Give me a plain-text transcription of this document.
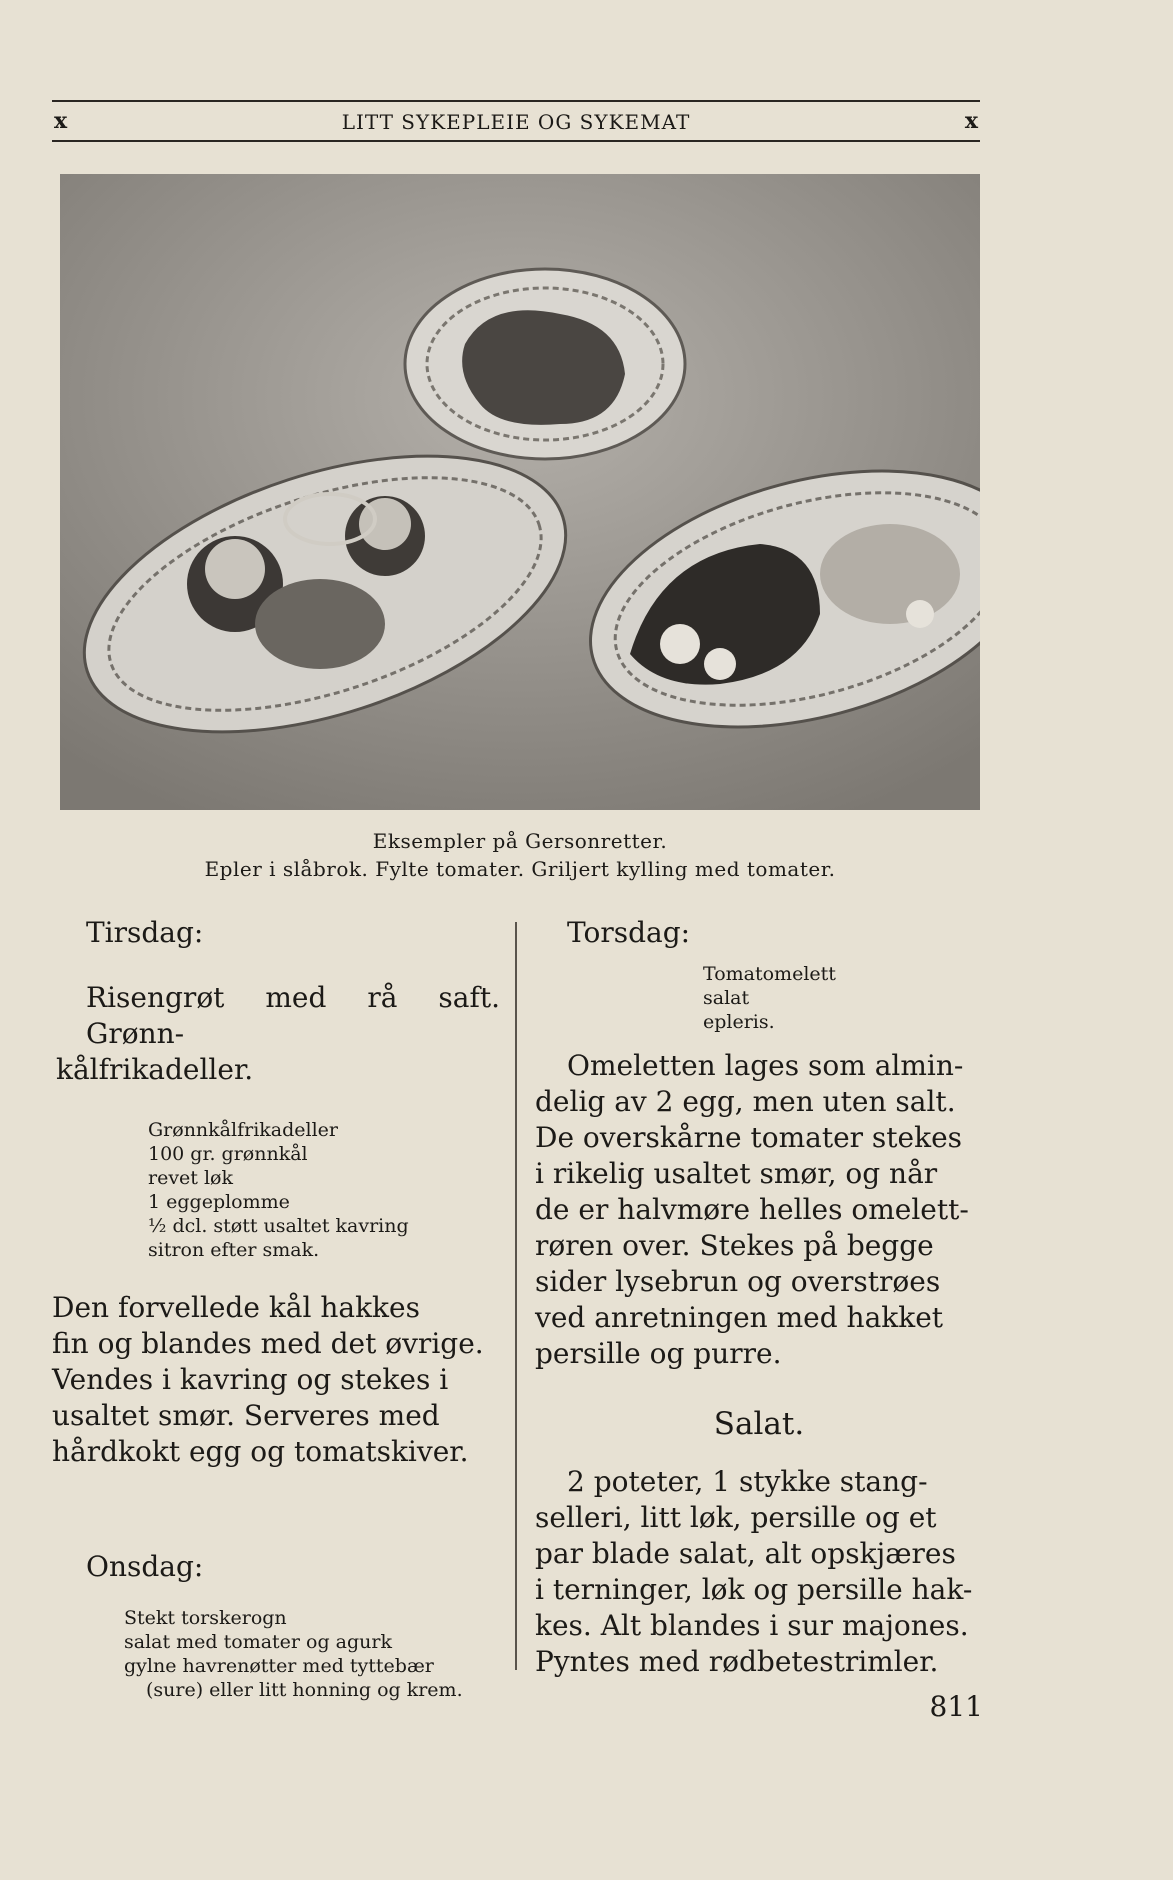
x	LITT SYKEPLEIE OG SYKEMAT	x
Eksempler på Gersonretter.
Epler i slåbrok. Fylte tomater. Griljert kylling med tomater.

Tirsdag:

Risengrøt med rå saft. Grønn-

kålfrikadeller.

Grønnkålfrikadeller

100 gr. grønnkål

revet løk

1 eggeplomme

½ dcl. støtt usaltet kavring

sitron efter smak.

Den forvellede kål hakkes

fin og blandes med det øvrige.

Vendes i kavring og stekes i

usaltet smør. Serveres med

hårdkokt egg og tomatskiver.

Onsdag:

Stekt torskerogn

salat med tomater og agurk

gylne havrenøtter med tyttebær

(sure) eller litt honning og krem.

Torsdag:

Tomatomelett

salat

epleris.

Omeletten lages som almin-

delig av 2 egg, men uten salt.

De overskårne tomater stekes

i rikelig usaltet smør, og når

de er halvmøre helles omelett-

røren over. Stekes på begge

sider lysebrun og overstrøes

ved anretningen med hakket

persille og purre.

Salat.

2 poteter, 1 stykke stang-

selleri, litt løk, persille og et

par blade salat, alt opskjæres

i terninger, løk og persille hak-

kes. Alt blandes i sur majones.

Pyntes med rødbetestrimler.

811
